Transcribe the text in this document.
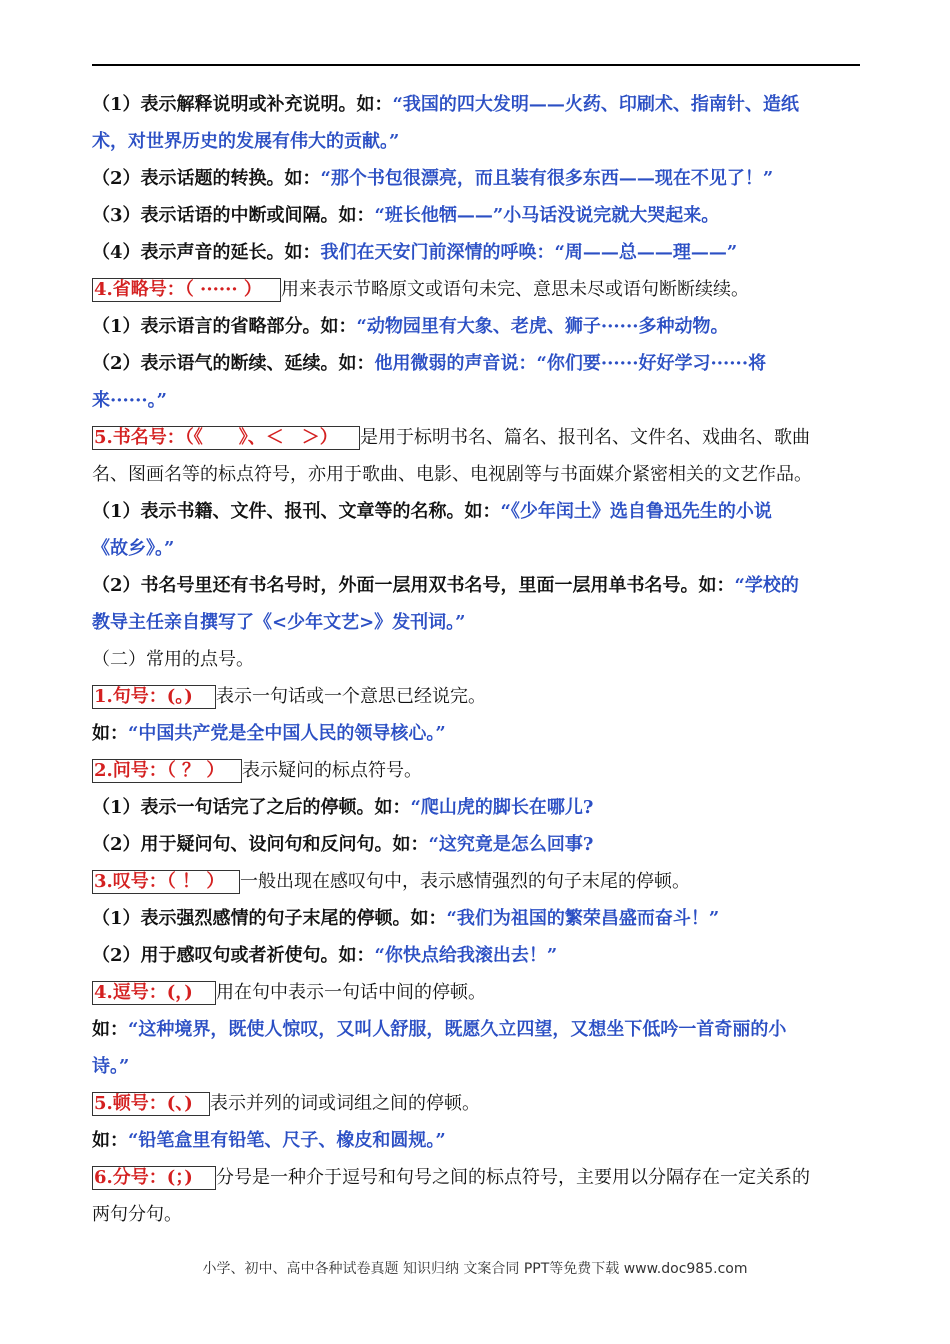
（1）表示解释说明或补充说明。如：“我国的四大发明——火药、印刷术、指南针、造纸
术，对世界历史的发展有伟大的贡献。”
（2）表示话题的转换。如：“那个书包很漂亮，而且装有很多东西——现在不见了！”
（3）表示话语的中断或间隔。如：“班长他牺——”小马话没说完就大哭起来。
（4）表示声音的延长。如：我们在天安门前深情的呼唤：“周——总——理——”
4.省略号：（ ······ ） 用来表示节略原文或语句未完、意思未尽或语句断断续续。
（1）表示语言的省略部分。如：“动物园里有大象、老虎、狮子······多种动物。
（2）表示语气的断续、延续。如：他用微弱的声音说：“你们要······好好学习······将
来······。”
5.书名号：（《　　》、＜　＞） 是用于标明书名、篇名、报刊名、文件名、戏曲名、歌曲
名、图画名等的标点符号，亦用于歌曲、电影、电视剧等与书面媒介紧密相关的文艺作品。
（1）表示书籍、文件、报刊、文章等的名称。如：“《少年闰土》选自鲁迅先生的小说
《故乡》。”
（2）书名号里还有书名号时，外面一层用双书名号，里面一层用单书名号。如：“学校的
教导主任亲自撰写了《<少年文艺>》发刊词。”
（二）常用的点号。
1.句号：(。) 表示一句话或一个意思已经说完。
如：“中国共产党是全中国人民的领导核心。”
2.问号：（ ？ ） 表示疑问的标点符号。
（1）表示一句话完了之后的停顿。如：“爬山虎的脚长在哪儿?
（2）用于疑问句、设问句和反问句。如：“这究竟是怎么回事?
3.叹号：（ ！ ） 一般出现在感叹句中，表示感情强烈的句子末尾的停顿。
（1）表示强烈感情的句子末尾的停顿。如：“我们为祖国的繁荣昌盛而奋斗！”
（2）用于感叹句或者祈使句。如：“你快点给我滚出去！”
4.逗号：(，) 用在句中表示一句话中间的停顿。
如：“这种境界，既使人惊叹，又叫人舒服，既愿久立四望，又想坐下低吟一首奇丽的小
诗。”
5.顿号：(、) 表示并列的词或词组之间的停顿。
如：“铅笔盒里有铅笔、尺子、橡皮和圆规。”
6.分号：(；) 分号是一种介于逗号和句号之间的标点符号，主要用以分隔存在一定关系的
两句分句。
小学、初中、高中各种试卷真题 知识归纳 文案合同 PPT等免费下载 www.doc985.com
